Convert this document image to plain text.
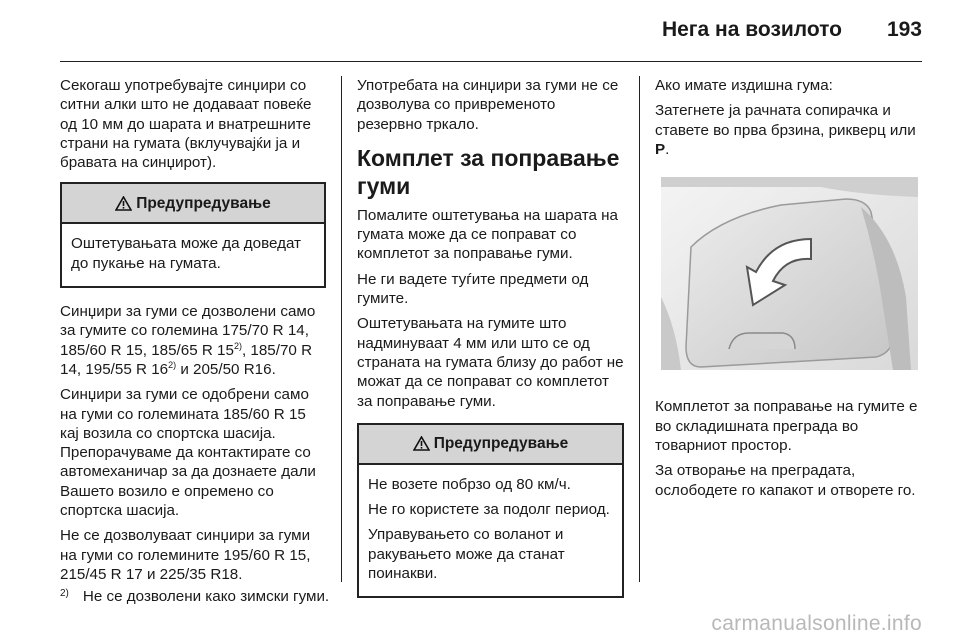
Нега на возилото 193

Секогаш употребувајте синџири со ситни алки што не додаваат повеќе од 10 мм до шарата и внатрешните страни на гумата (вклучувајќи ја и бравата на синџирот).

Предупредување

Оштетувањата може да доведат до пукање на гумата.

Синџири за гуми се дозволени само за гумите со големина 175/70 R 14, 185/60 R 15, 185/65 R 15$^{2)}$, 185/70 R 14, 195/55 R 16$^{2)}$ и 205/50 R16.

Синџири за гуми се одобрени само на гуми со големината 185/60 R 15 кај возила со спортска шасија. Препорачуваме да контактирате со автомеханичар за да дознаете дали Вашето возило е опремено со спортска шасија.

Не се дозволуваат синџири за гуми на гуми со големините 195/60 R 15, 215/45 R 17 и 225/35 R18.

Употребата на синџири за гуми не се дозволува со привременото резервно тркало.

Комплет за поправање гуми

Помалите оштетувања на шарата на гумата може да се поправат со комплетот за поправање гуми.

Не ги вадете туѓите предмети од гумите.

Оштетувањата на гумите што надминуваат 4 мм или што се од страната на гумата близу до работ не можат да се поправат со комплетот за поправање гуми.

Предупредување

Не возете побрзо од 80 км/ч.

Не го користете за подолг период.

Управувањето со воланот и ракувањето може да станат поинакви.

Ако имате издишна гума:

Затегнете ја рачната сопирачка и ставете во прва брзина, рикверц или P.

Комплетот за поправање на гумите е во складишната преграда во товарниот простор.

За отворање на преградата, ослободете го капакот и отворете го.

$^{2)}$ Не се дозволени како зимски гуми.
carmanualsonline.info
